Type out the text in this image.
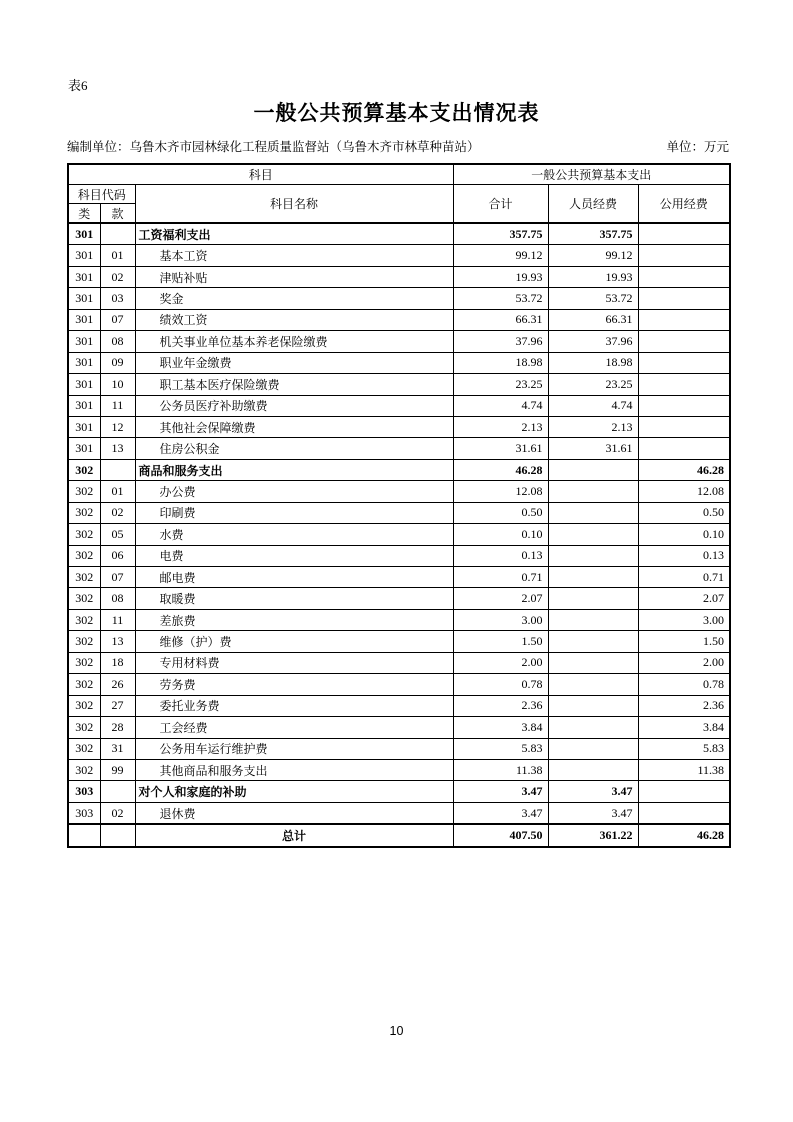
表6
一般公共预算基本支出情况表
编制单位：乌鲁木齐市园林绿化工程质量监督站（乌鲁木齐市林草种苗站）	单位：万元
科目			一般公共预算基本支出		
科目代码		科目名称	合计	人员经费	公用经费
类	款				
301		工资福利支出	357.75	357.75	
301	01	基本工资	99.12	99.12	
301	02	津贴补贴	19.93	19.93	
301	03	奖金	53.72	53.72	
301	07	绩效工资	66.31	66.31	
301	08	机关事业单位基本养老保险缴费	37.96	37.96	
301	09	职业年金缴费	18.98	18.98	
301	10	职工基本医疗保险缴费	23.25	23.25	
301	11	公务员医疗补助缴费	4.74	4.74	
301	12	其他社会保障缴费	2.13	2.13	
301	13	住房公积金	31.61	31.61	
302		商品和服务支出	46.28		46.28
302	01	办公费	12.08		12.08
302	02	印刷费	0.50		0.50
302	05	水费	0.10		0.10
302	06	电费	0.13		0.13
302	07	邮电费	0.71		0.71
302	08	取暖费	2.07		2.07
302	11	差旅费	3.00		3.00
302	13	维修（护）费	1.50		1.50
302	18	专用材料费	2.00		2.00
302	26	劳务费	0.78		0.78
302	27	委托业务费	2.36		2.36
302	28	工会经费	3.84		3.84
302	31	公务用车运行维护费	5.83		5.83
302	99	其他商品和服务支出	11.38		11.38
303		对个人和家庭的补助	3.47	3.47	
303	02	退休费	3.47	3.47	
		总计	407.50	361.22	46.28
10
